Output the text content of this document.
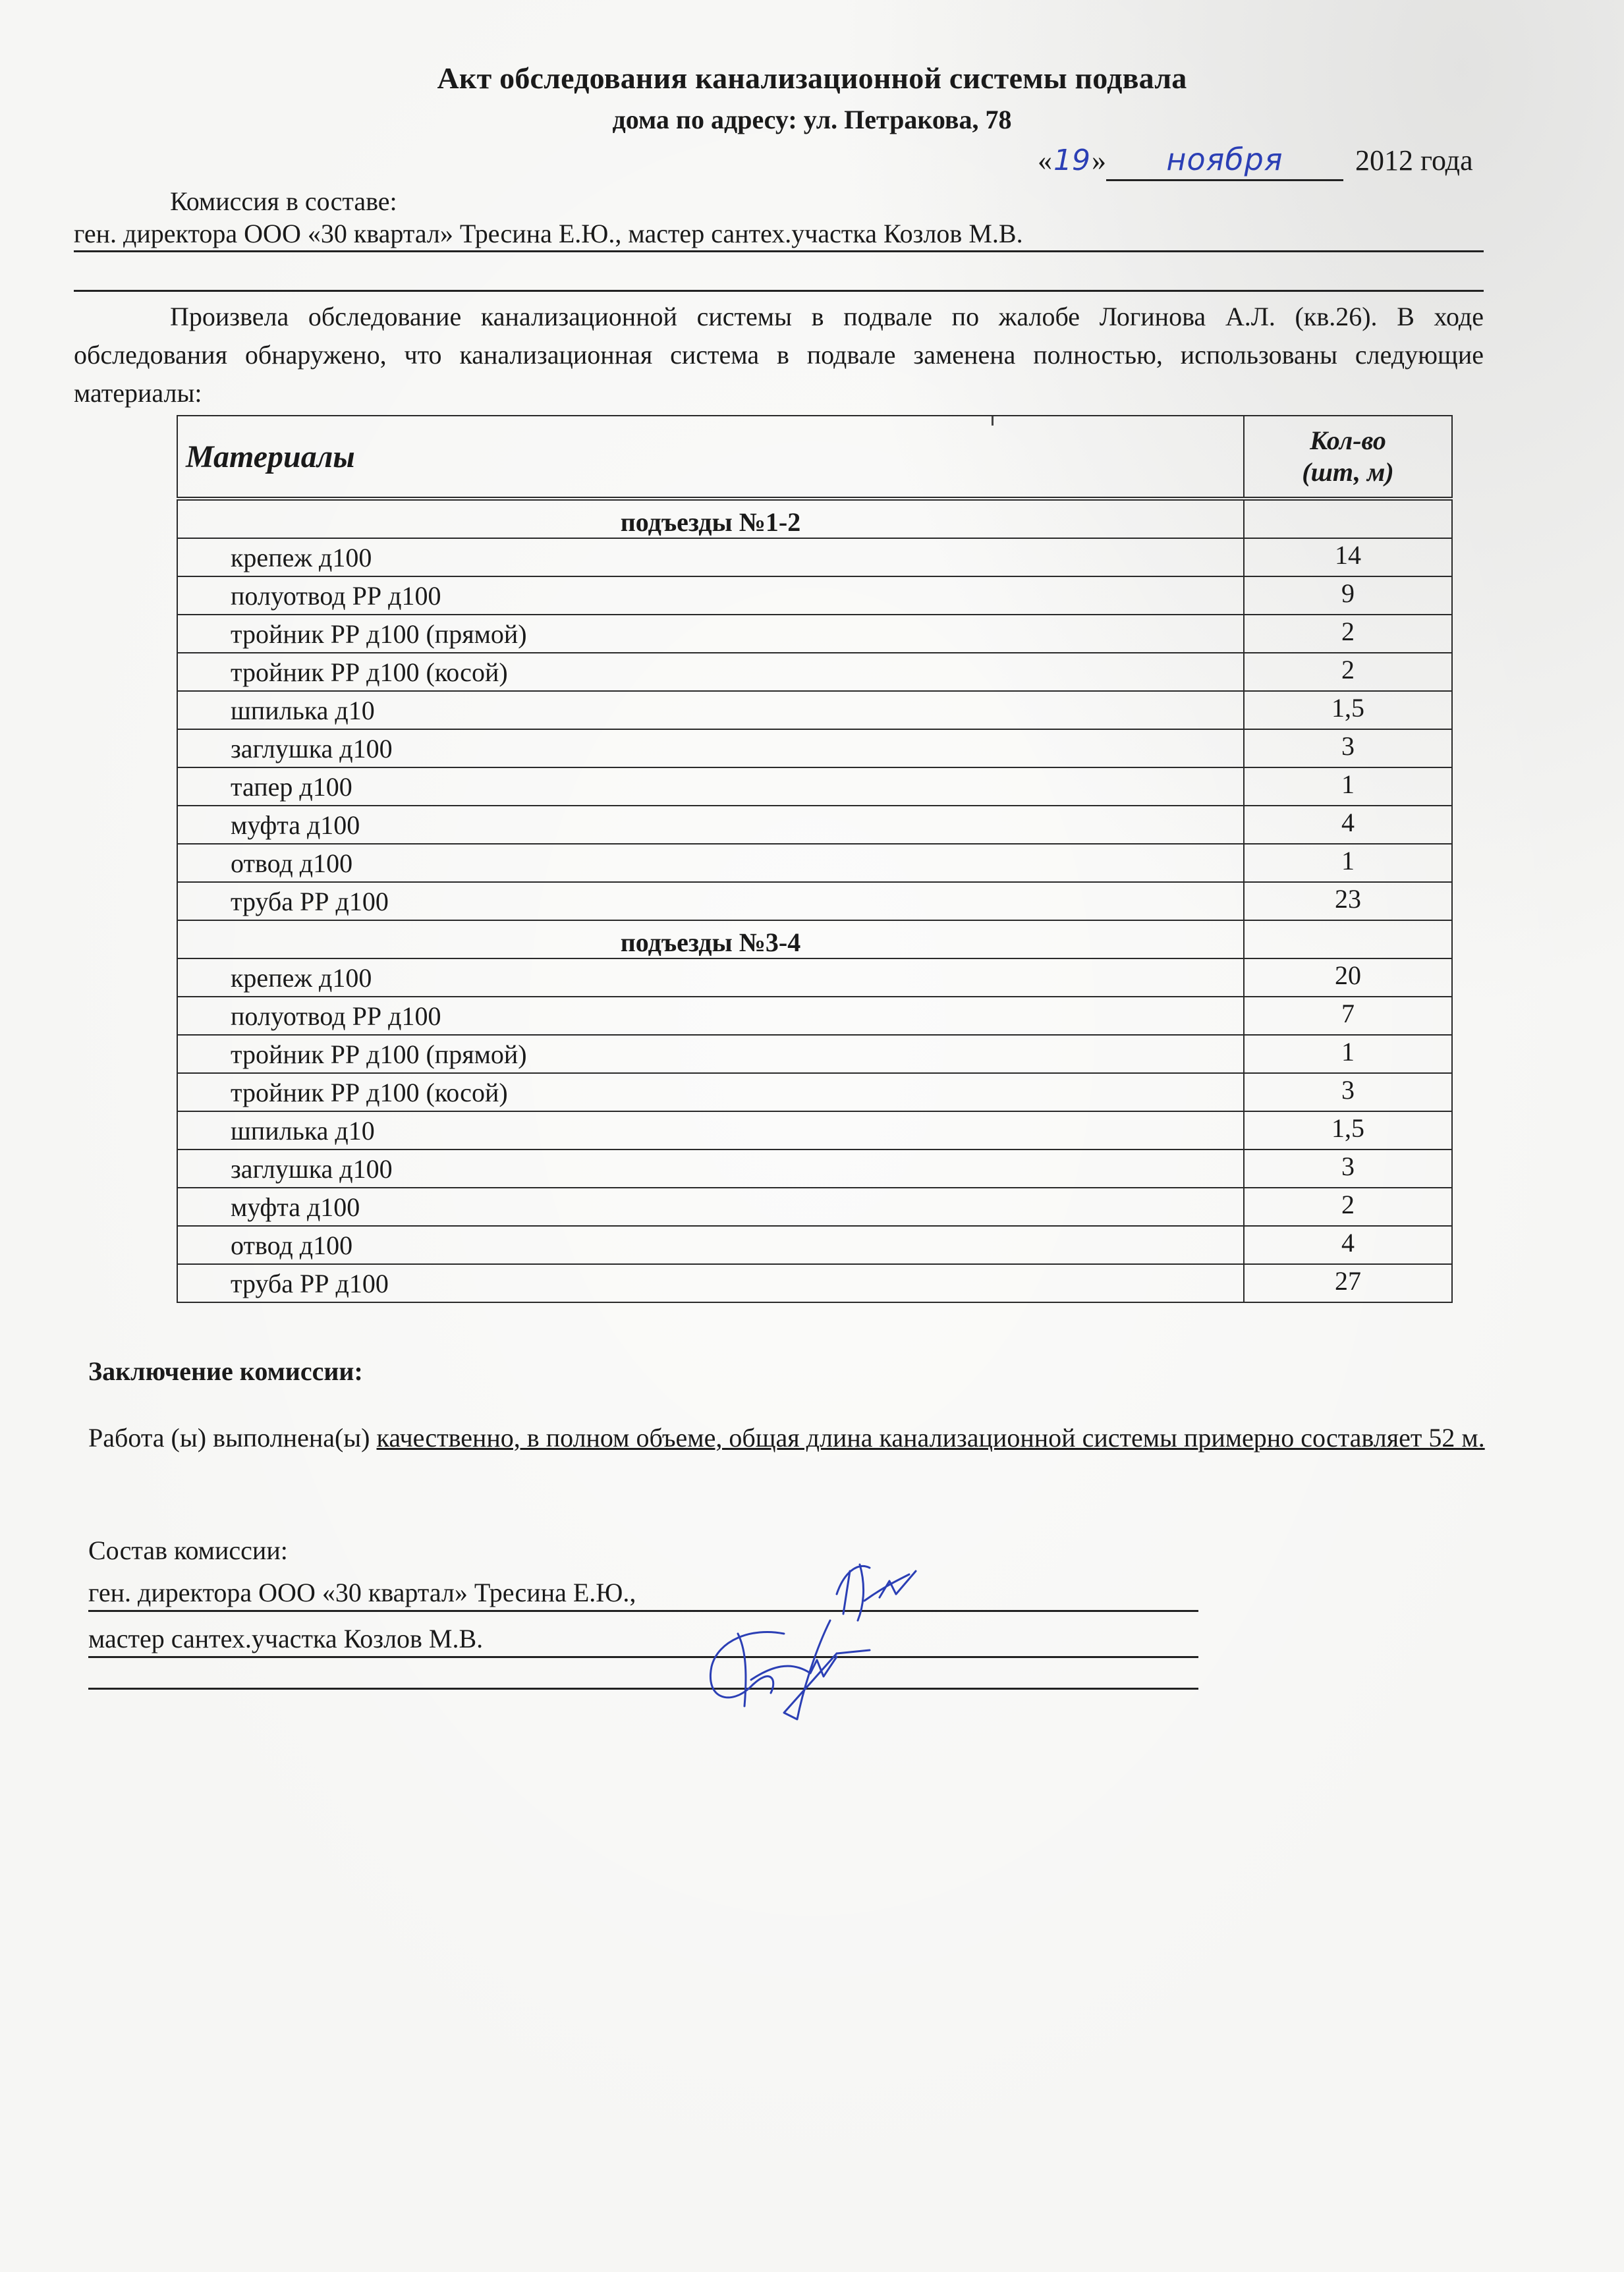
Акт обследования канализационной системы подвала
дома по адресу: ул. Петракова, 78
«19» ноября 2012 года
Комиссия в составе:
ген. директора ООО «30 квартал» Тресина Е.Ю., мастер сантех.участка Козлов М.В.
Произвела обследование канализационной системы в подвале по жалобе Логинова А.Л. (кв.26). В ходе обследования обнаружено, что канализационная система в подвале заменена полностью, использованы следующие материалы:
Материалы	Кол-во
(шт, м)

подъезды №1-2	
крепеж д100	14
полуотвод РР д100	9
тройник РР д100 (прямой)	2
тройник РР д100 (косой)	2
шпилька д10	1,5
заглушка д100	3
тапер д100	1
муфта д100	4
отвод д100	1
труба РР д100	23
подъезды №3-4	
крепеж д100	20
полуотвод РР д100	7
тройник РР д100 (прямой)	1
тройник РР д100 (косой)	3
шпилька д10	1,5
заглушка д100	3
муфта д100	2
отвод д100	4
труба РР д100	27
Заключение комиссии:
Работа (ы) выполнена(ы) качественно, в полном объеме, общая длина канализационной системы примерно составляет 52 м.
Состав комиссии:
ген. директора ООО «30 квартал» Тресина Е.Ю.,
мастер сантех.участка Козлов М.В.
